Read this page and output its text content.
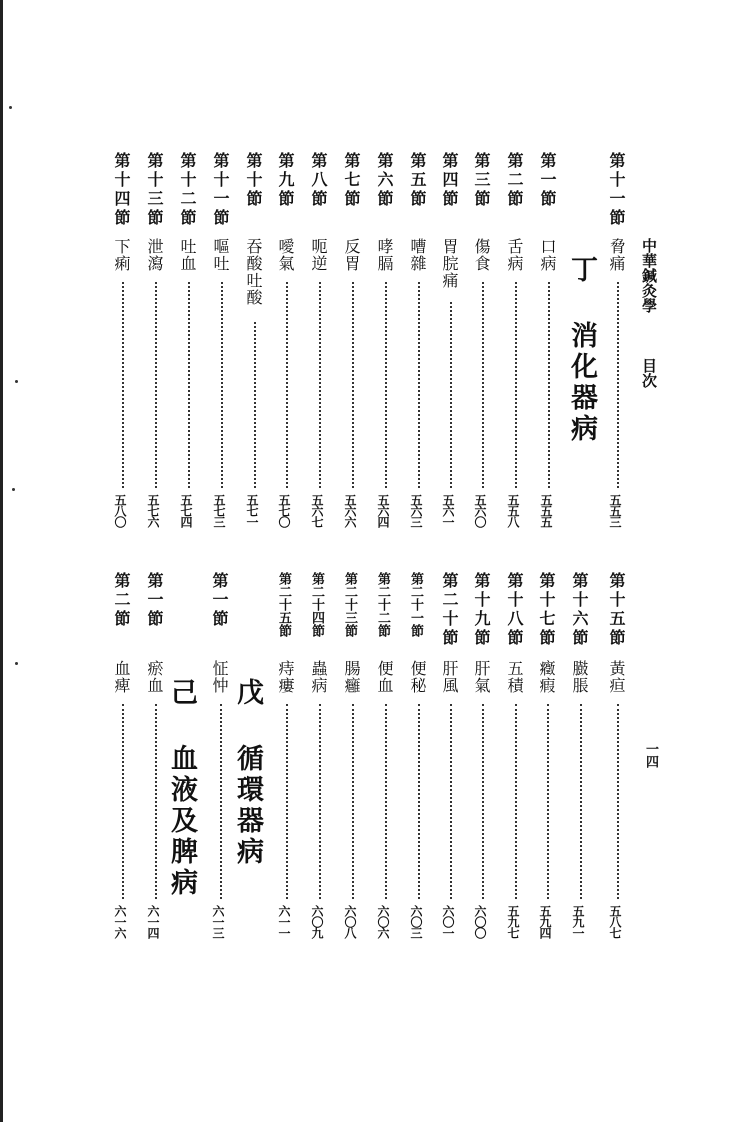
中華鍼灸學
目次
一四
第十一節
脅痛
五五三
第一節
口病
五五五
第二節
舌病
五五八
第三節
傷食
五六〇
第四節
胃脘痛
五六一
第五節
嘈雜
五六三
第六節
哮膈
五六四
第七節
反胃
五六六
第八節
呃逆
五六七
第九節
噯氣
五七〇
第十節
吞酸吐酸
五七一
第十一節
嘔吐
五七三
第十二節
吐血
五七四
第十三節
泄瀉
五七六
第十四節
下痢
五八〇
丁 消化器病
第十五節
黃疸
五八七
第十六節
臌脹
五九一
第十七節
癥瘕
五九四
第十八節
五積
五九七
第十九節
肝氣
六〇〇
第二十節
肝風
六〇一
第二十一節
便秘
六〇三
第二十二節
便血
六〇六
第二十三節
腸癰
六〇八
第二十四節
蟲病
六〇九
第二十五節
痔瘻
六一一
第一節
怔忡
六一三
第一節
瘀血
六一四
第二節
血痺
六一六
戊 循環器病
己 血液及脾病
